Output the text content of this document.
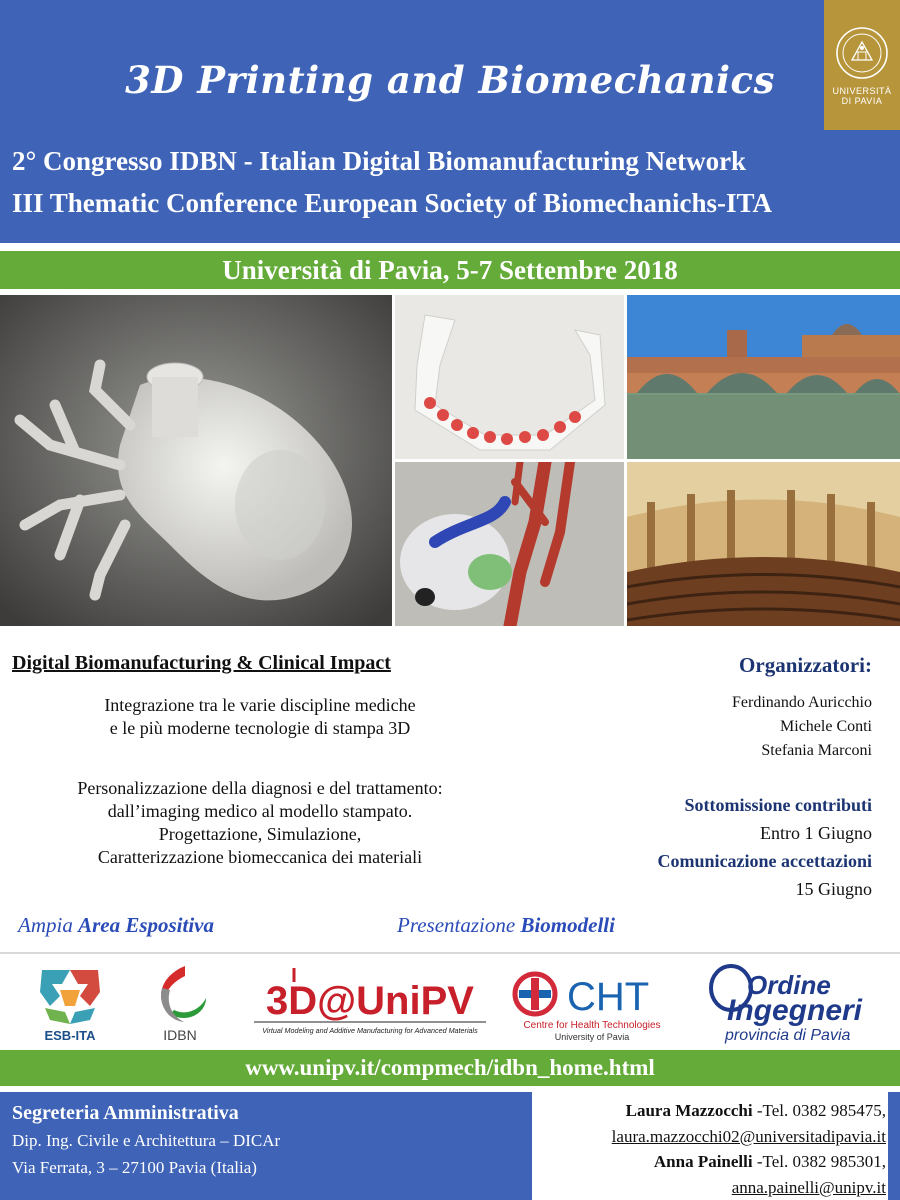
3D Printing and Biomechanics
2° Congresso IDBN - Italian Digital Biomanufacturing Network
III Thematic Conference European Society of Biomechanichs-ITA
UNIVERSITÀ
DI PAVIA
Università di Pavia, 5-7 Settembre 2018
Digital Biomanufacturing & Clinical Impact
Integrazione tra le varie discipline mediche
e le più moderne tecnologie di stampa 3D
Personalizzazione della diagnosi e del trattamento:
dall’imaging medico al modello stampato.
Progettazione, Simulazione,
Caratterizzazione biomeccanica dei materiali
Organizzatori:
Ferdinando Auricchio
Michele Conti
Stefania Marconi
Sottomissione contributi
Entro 1 Giugno
Comunicazione accettazioni
15 Giugno
Ampia Area Espositiva	Presentazione Biomodelli
ESB-ITA	IDBN
3D@UniPV
Virtual Modeling and Additive Manufacturing for Advanced Materials
CHT
Centre for Health Technologies
University of Pavia
Ordine
Ingegneri
provincia di Pavia
www.unipv.it/compmech/idbn_home.html
Segreteria Amministrativa
Dip. Ing. Civile e Architettura – DICAr
Via Ferrata, 3 – 27100 Pavia (Italia)
Laura Mazzocchi -Tel. 0382 985475,
laura.mazzocchi02@universitadipavia.it
Anna Painelli -Tel. 0382 985301,
anna.painelli@unipv.it
